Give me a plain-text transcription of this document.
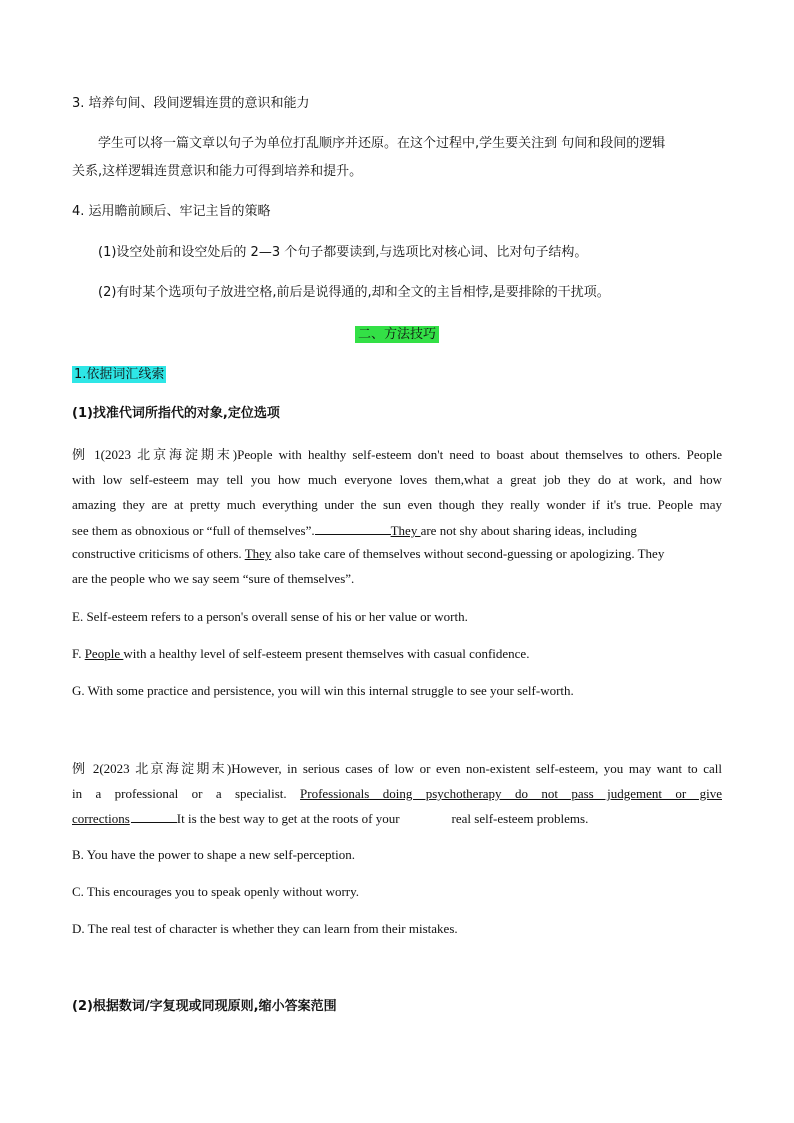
3. 培养句间、段间逻辑连贯的意识和能力
学生可以将一篇文章以句子为单位打乱顺序并还原。在这个过程中,学生要关注到 句间和段间的逻辑
关系,这样逻辑连贯意识和能力可得到培养和提升。
4. 运用瞻前顾后、牢记主旨的策略
(1)设空处前和设空处后的 2—3 个句子都要读到,与选项比对核心词、比对句子结构。
(2)有时某个选项句子放进空格,前后是说得通的,却和全文的主旨相悖,是要排除的干扰项。
二、方法技巧
1.依据词汇线索
(1)找准代词所指代的对象,定位选项
例 1(2023 北京海淀期末)People with healthy self-esteem don't need to boast about themselves to others. People
with low self-esteem may tell you how much everyone loves them,what a great job they do at work, and how
amazing they are at pretty much everything under the sun even though they really wonder if it's true. People may
see them as obnoxious or “full of themselves”.	They are not shy about sharing ideas, including
constructive criticisms of others. They also take care of themselves without second-guessing or apologizing. They
are the people who we say seem “sure of themselves”.
E. Self-esteem refers to a person's overall sense of his or her value or worth.
F. People with a healthy level of self-esteem present themselves with casual confidence.
G. With some practice and persistence, you will win this internal struggle to see your self-worth.
例 2(2023 北京海淀期末)However, in serious cases of low or even non-existent self-esteem, you may want to call
in a professional or a specialist. Professionals doing psychotherapy do not pass judgement or give
corrections	It is the best way to get at the roots of your	real self-esteem problems.
B. You have the power to shape a new self-perception.
C. This encourages you to speak openly without worry.
D. The real test of character is whether they can learn from their mistakes.
(2)根据数词/字复现或同现原则,缩小答案范围
